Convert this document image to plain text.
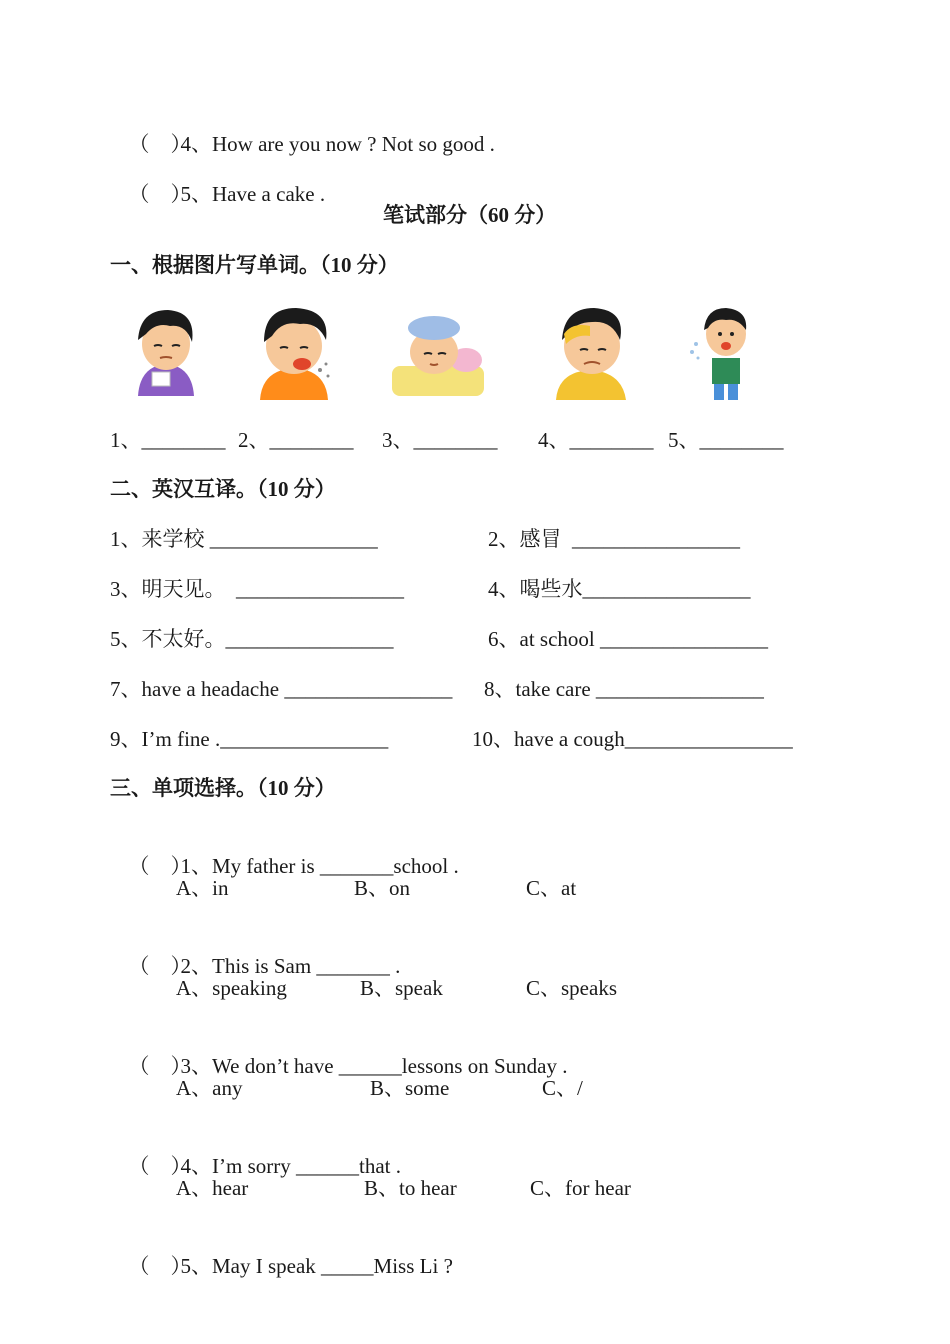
（    ）4、How are you now ? Not so good .

（    ）5、Have a cake .

笔试部分（60 分）
一、根据图片写单词。（10 分）
1、________ 2、________ 3、________ 4、________ 5、________
二、英汉互译。（10 分）
1、来学校 ________________	2、感冒  ________________
3、明天见。  ________________	4、喝些水________________
5、不太好。________________	6、at school ________________
7、have a headache ________________ 8、take care ________________
9、I’m fine .________________	10、have a cough________________
三、单项选择。（10 分）

（    ）1、My father is _______school .

A、in	B、on	C、at

（    ）2、This is Sam _______ .

A、speaking	B、speak	C、speaks

（    ）3、We don’t have ______lessons on Sunday .

A、any	B、some	C、/

（    ）4、I’m sorry ______that .

A、hear	B、to hear	C、for hear

（    ）5、May I speak _____Miss Li ?
